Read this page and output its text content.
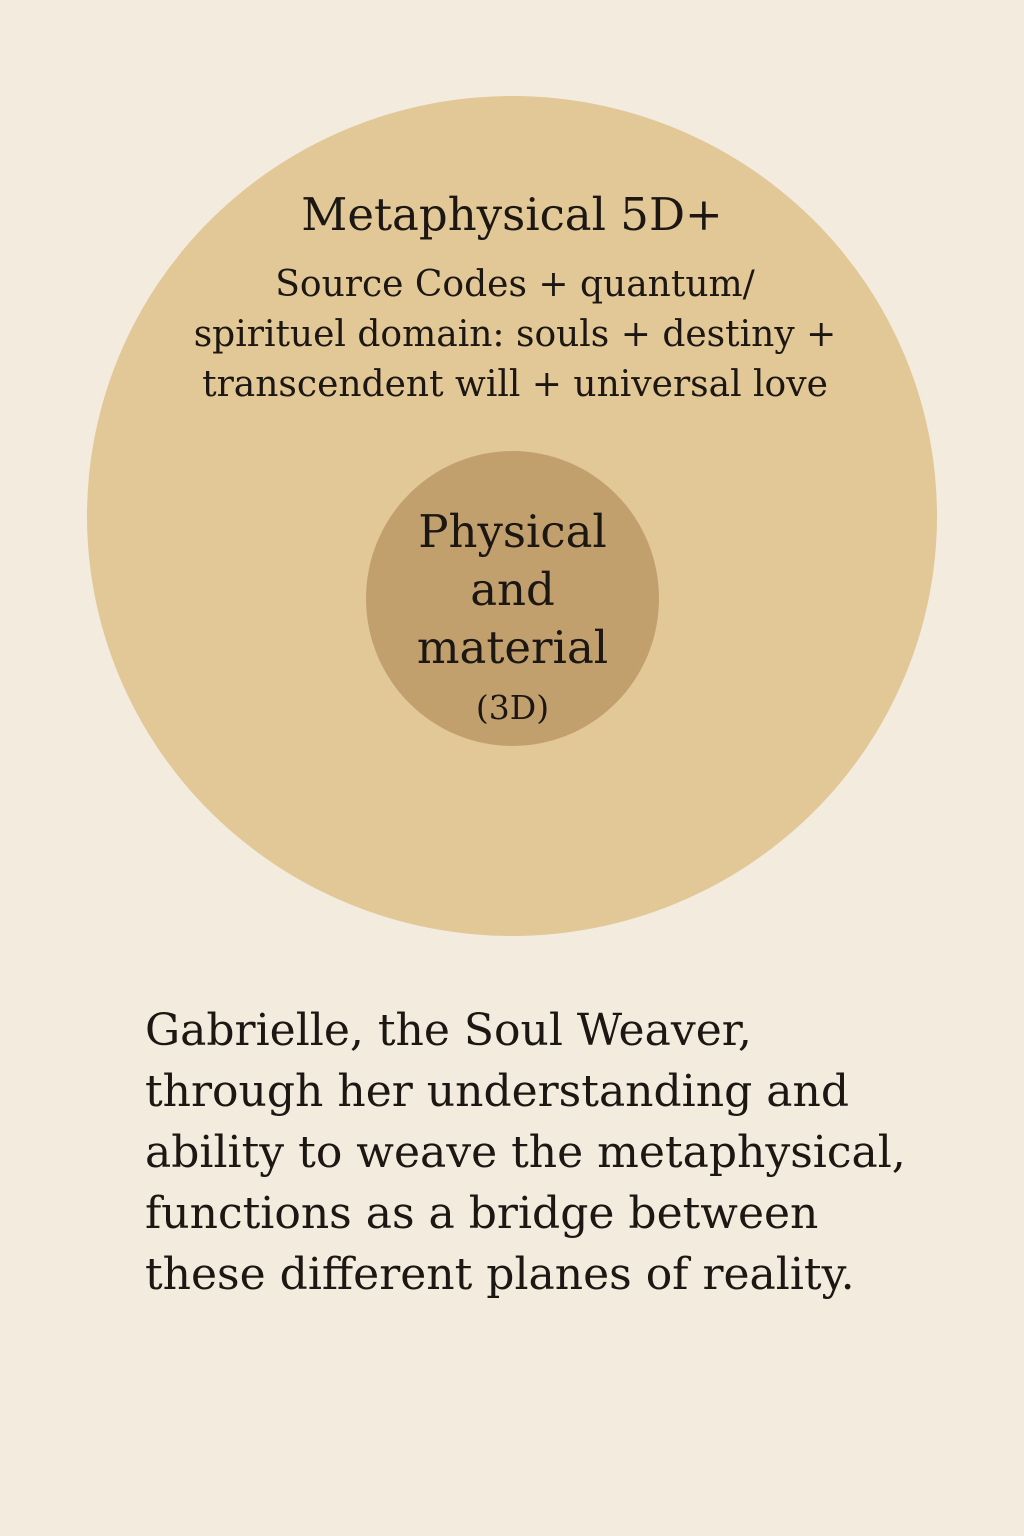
Metaphysical 5D+
Source Codes + quantum/
spirituel domain: souls + destiny +
transcendent will + universal love
Physical
and
material
(3D)
Gabrielle, the Soul Weaver,
through her understanding and
ability to weave the metaphysical,
functions as a bridge between
these different planes of reality.
